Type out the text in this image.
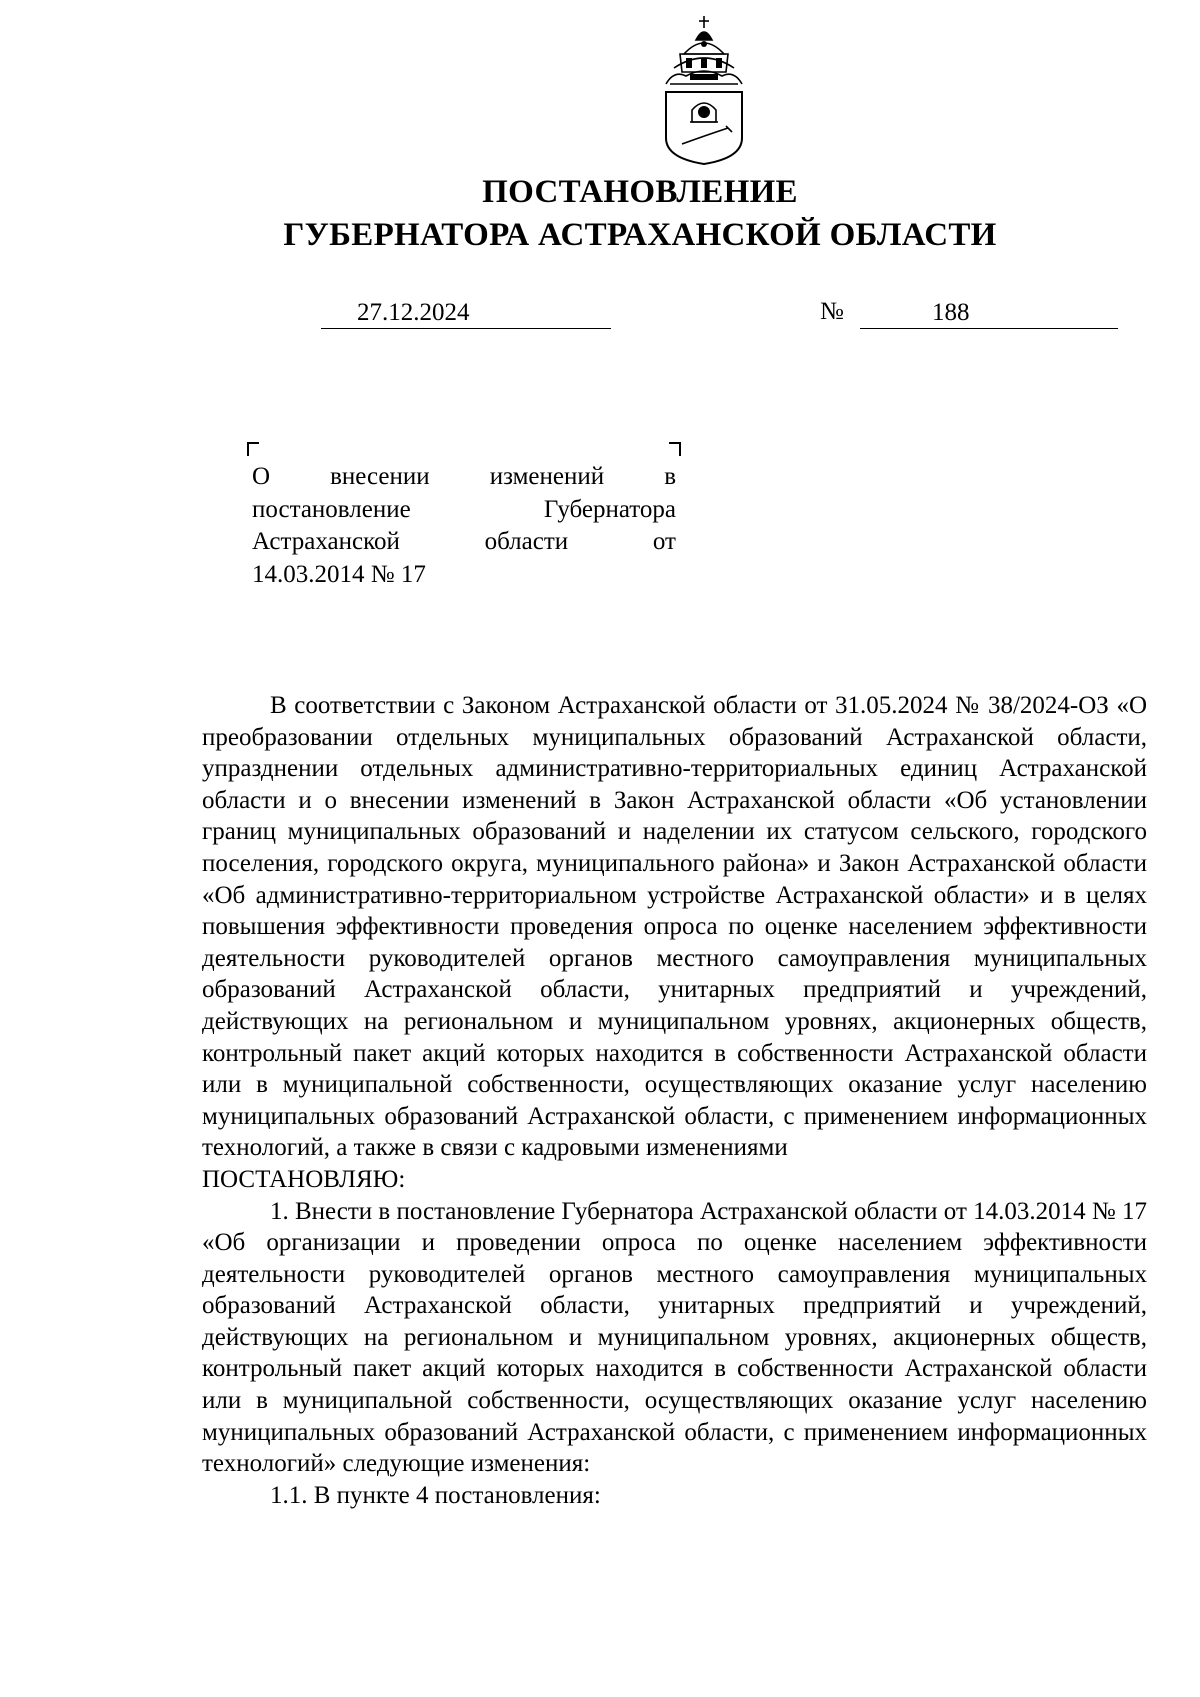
ПОСТАНОВЛЕНИЕ
ГУБЕРНАТОРА АСТРАХАНСКОЙ ОБЛАСТИ
27.12.2024	№	188
О внесении изменений в
постановление Губернатора
Астраханской области от
14.03.2014 № 17

В соответствии с Законом Астраханской области от 31.05.2024 № 38/2024-ОЗ «О преобразовании отдельных муниципальных образований Астраханской области, упразднении отдельных административно-территориальных единиц Астраханской области и о внесении изменений в Закон Астраханской области «Об установлении границ муниципальных образований и наделении их статусом сельского, городского поселения, городского округа, муниципального района» и Закон Астраханской области «Об административно-территориальном устройстве Астраханской области» и в целях повышения эффективности проведения опроса по оценке населением эффективности деятельности руководителей органов местного самоуправления муниципальных образований Астраханской области, унитарных предприятий и учреждений, действующих на региональном и муниципальном уровнях, акционерных обществ, контрольный пакет акций которых находится в собственности Астраханской области или в муниципальной собственности, осуществляющих оказание услуг населению муниципальных образований Астраханской области, с применением информационных технологий, а также в связи с кадровыми изменениями

ПОСТАНОВЛЯЮ:

1. Внести в постановление Губернатора Астраханской области от 14.03.2014 № 17 «Об организации и проведении опроса по оценке населением эффективности деятельности руководителей органов местного самоуправления муниципальных образований Астраханской области, унитарных предприятий и учреждений, действующих на региональном и муниципальном уровнях, акционерных обществ, контрольный пакет акций которых находится в собственности Астраханской области или в муниципальной собственности, осуществляющих оказание услуг населению муниципальных образований Астраханской области, с применением информационных технологий» следующие изменения:

1.1. В пункте 4 постановления:
